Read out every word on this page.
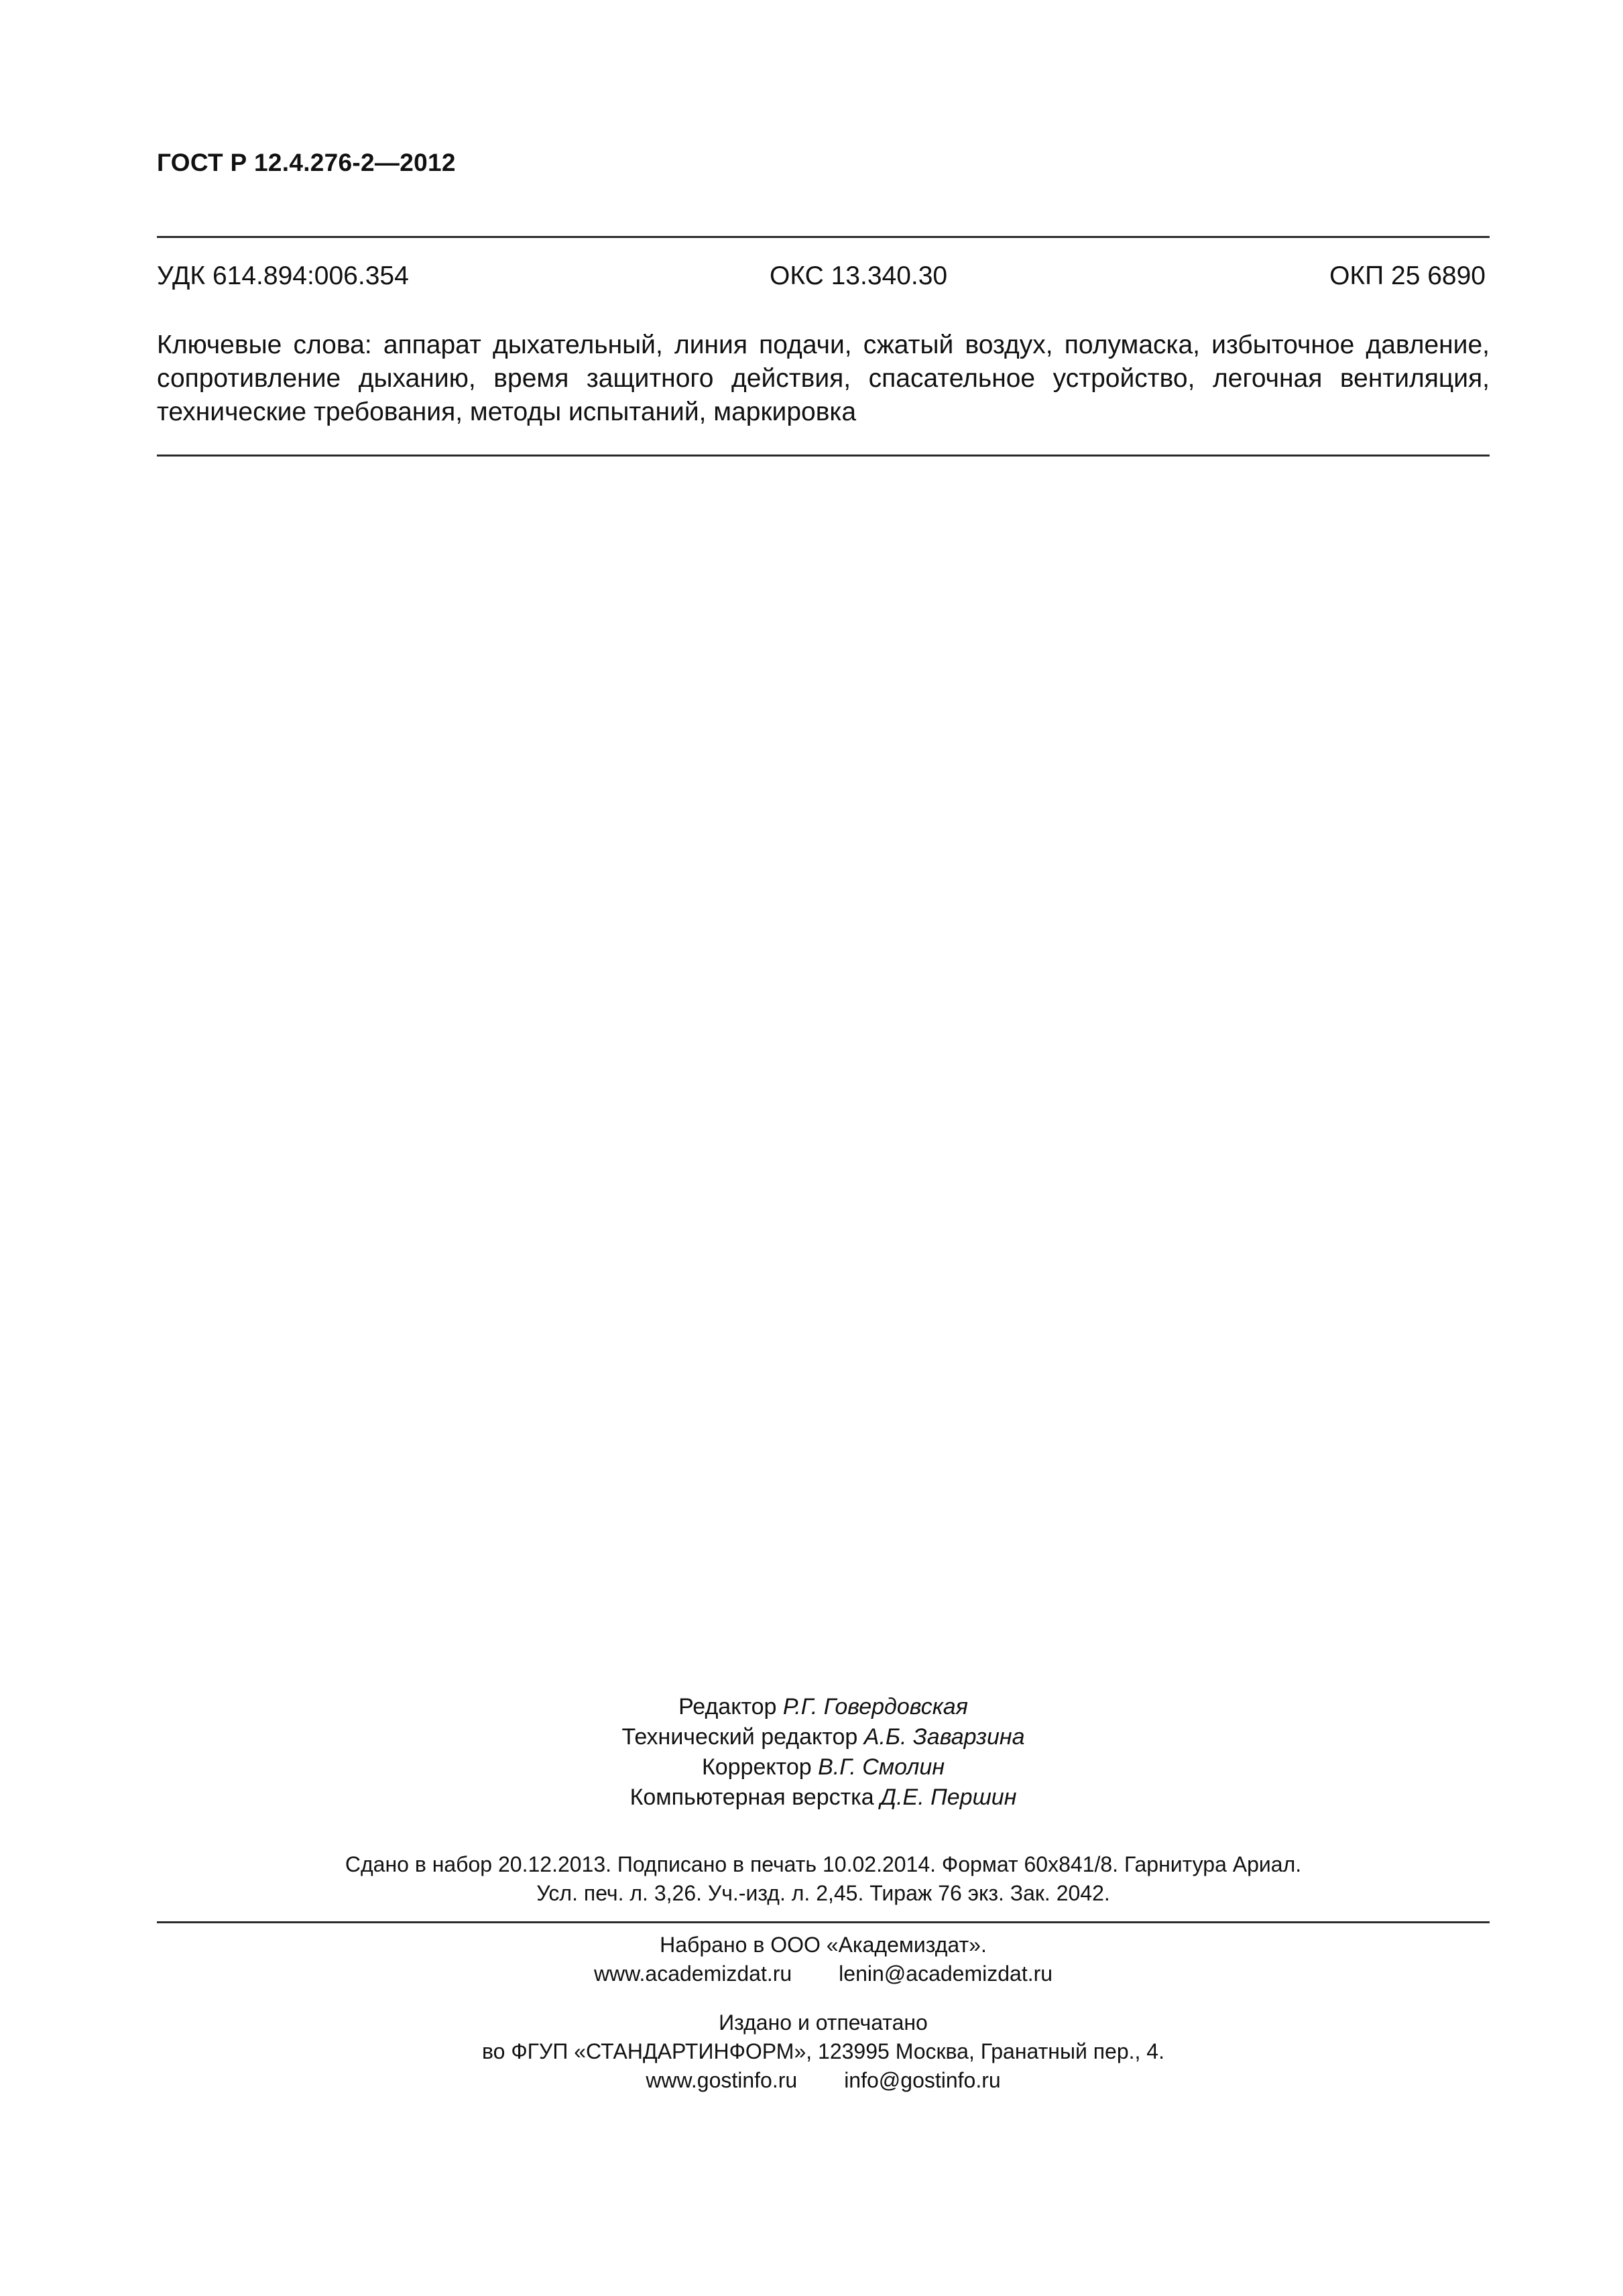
ГОСТ Р 12.4.276-2—2012
УДК 614.894:006.354	ОКС 13.340.30	ОКП 25 6890
Ключевые слова: аппарат дыхательный, линия подачи, сжатый воздух, полумаска, избыточное давление, сопротивление дыханию, время защитного действия, спасательное устройство, легочная вентиляция, технические требования, методы испытаний, маркировка
Редактор Р.Г. Говердовская
Технический редактор А.Б. Заварзина
Корректор В.Г. Смолин
Компьютерная верстка Д.Е. Першин
Сдано в набор 20.12.2013. Подписано в печать 10.02.2014. Формат 60х841/8. Гарнитура Ариал.
Усл. печ. л. 3,26. Уч.-изд. л. 2,45. Тираж 76 экз. Зак. 2042.
Набрано в ООО «Академиздат».
www.academizdat.ru lenin@academizdat.ru
Издано и отпечатано
во ФГУП «СТАНДАРТИНФОРМ», 123995 Москва, Гранатный пер., 4.
www.gostinfo.ru info@gostinfo.ru
